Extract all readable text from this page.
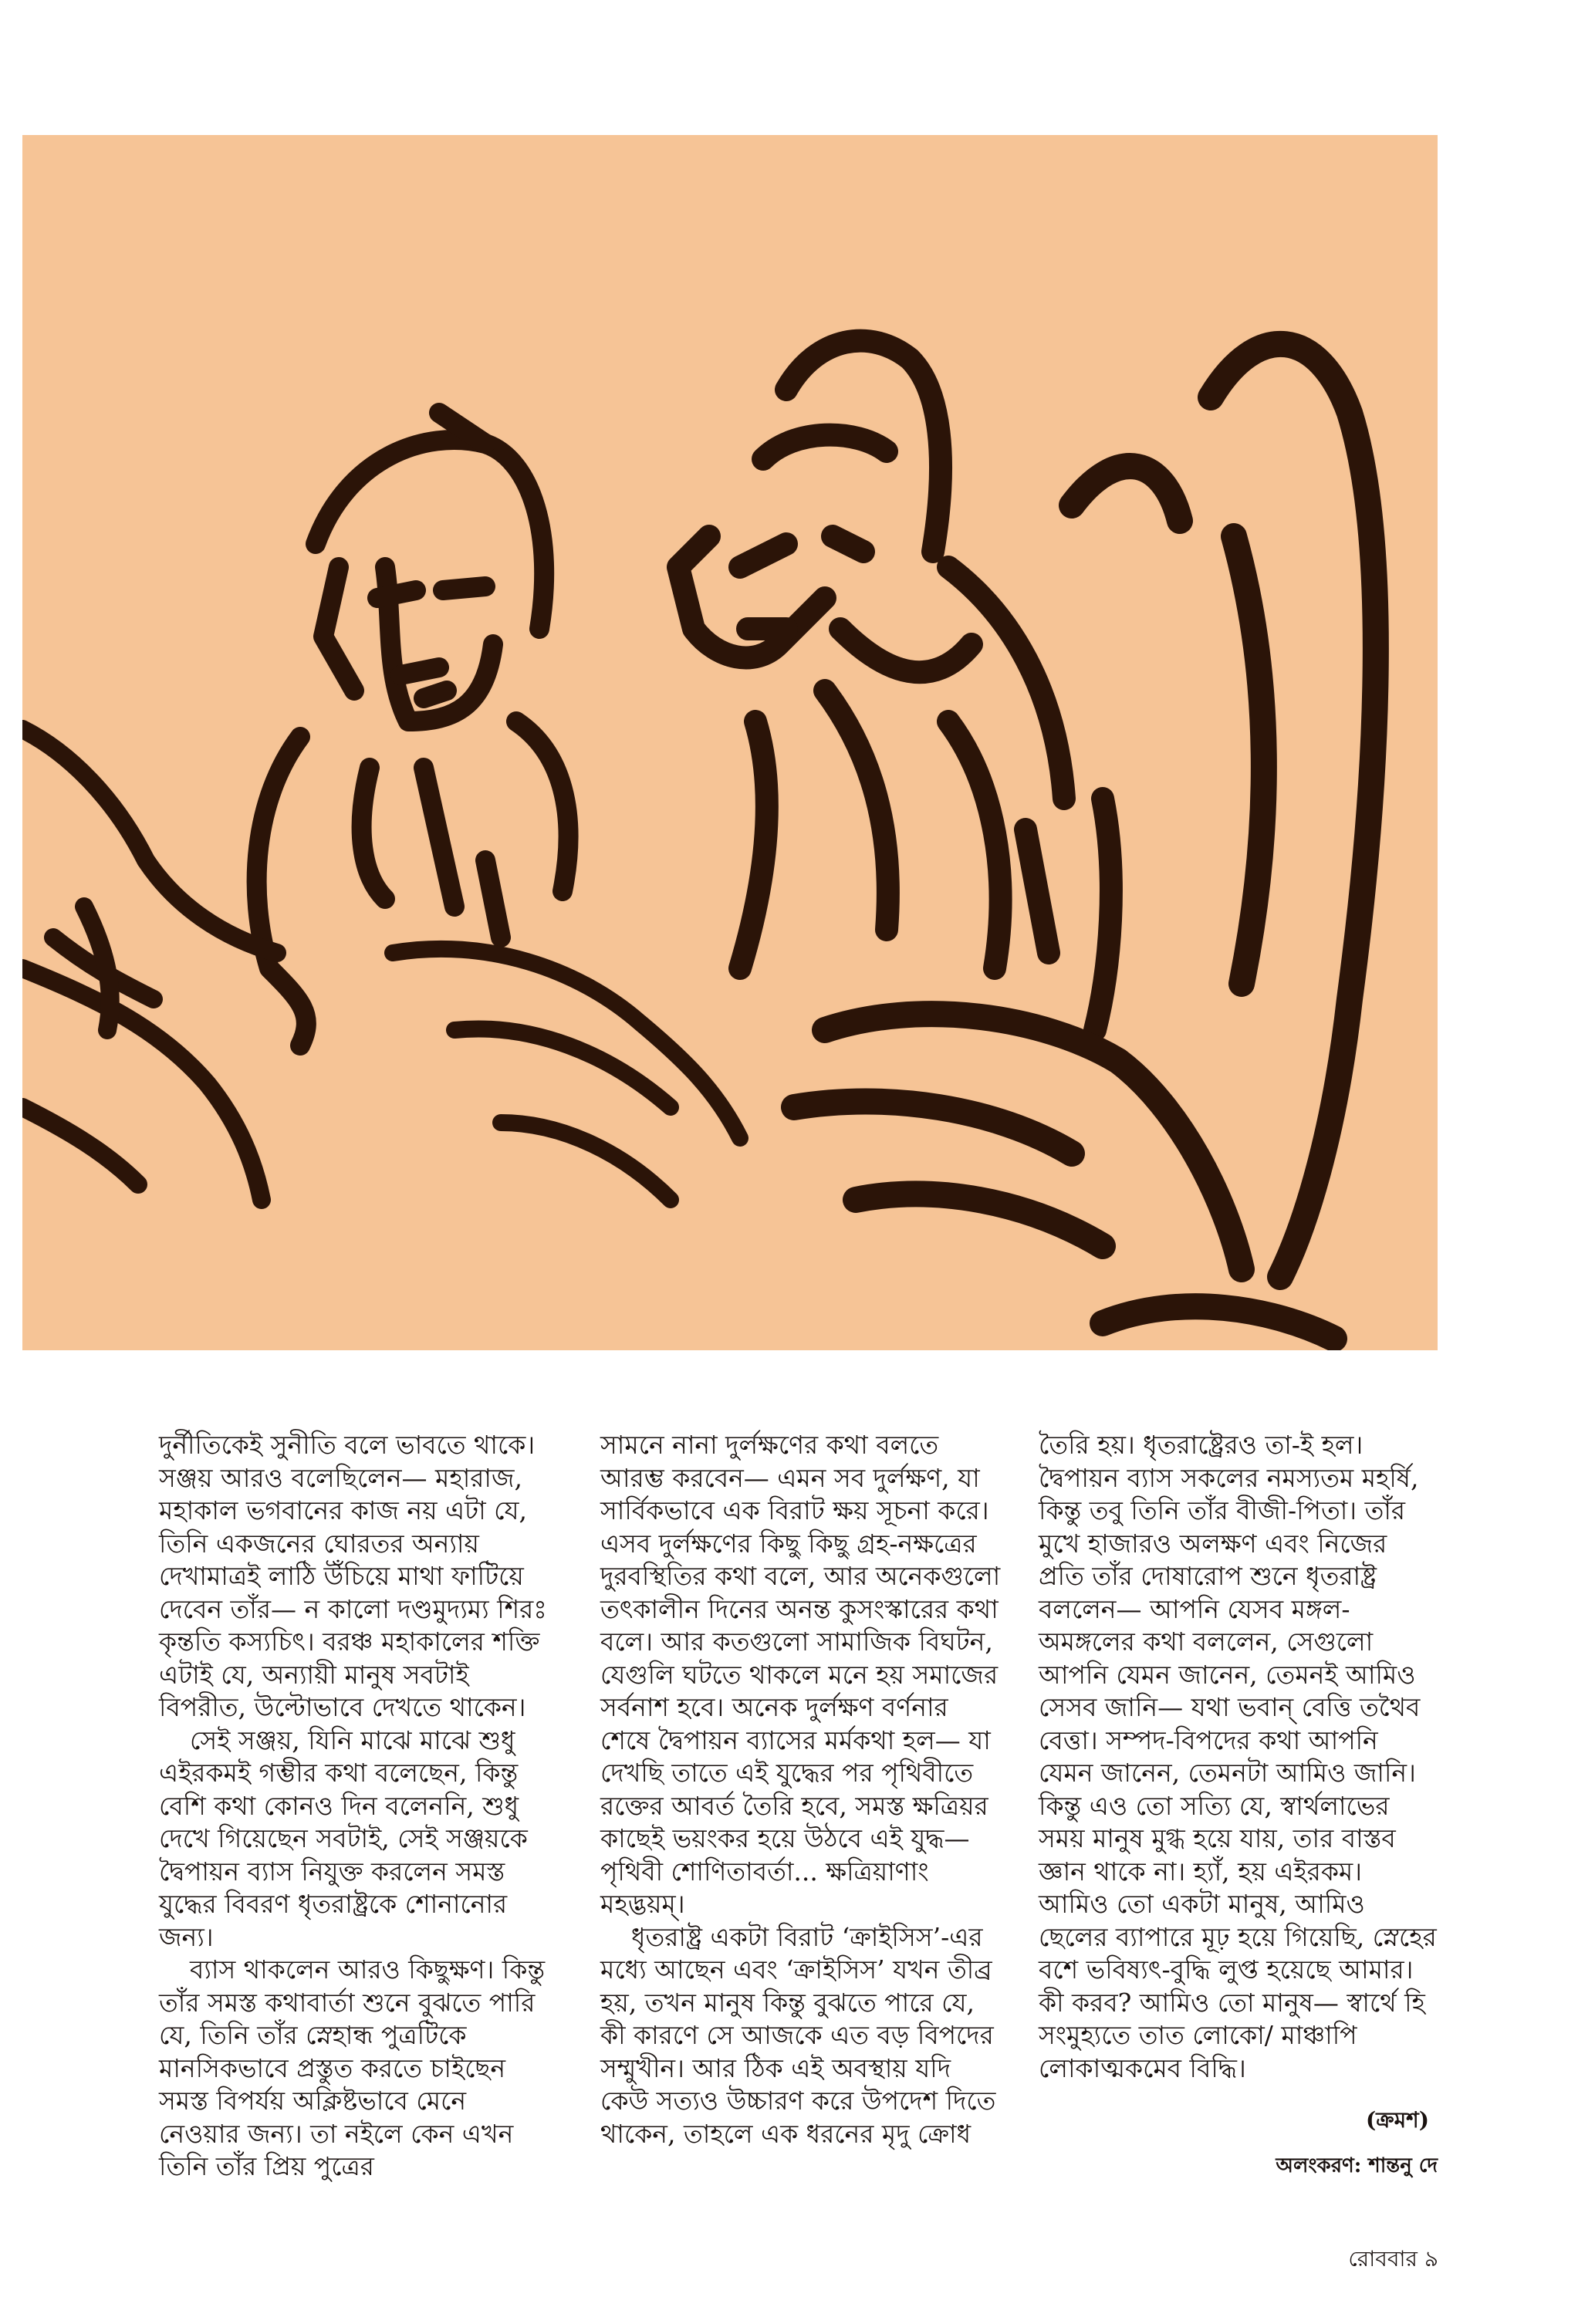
দুর্নীতিকেই সুনীতি বলে ভাবতে থাকে। সঞ্জয় আরও বলেছিলেন— মহারাজ, মহাকাল ভগবানের কাজ নয় এটা যে, তিনি একজনের ঘোরতর অন্যায় দেখামাত্রই লাঠি উঁচিয়ে মাথা ফাটিয়ে দেবেন তাঁর— ন কালো দণ্ডমুদ্যম্য শিরঃ কৃন্ততি কস্যচিৎ। বরঞ্চ মহাকালের শক্তি এটাই যে, অন্যায়ী মানুষ সবটাই বিপরীত, উল্টোভাবে দেখতে থাকেন।

সেই সঞ্জয়, যিনি মাঝে মাঝে শুধু এইরকমই গম্ভীর কথা বলেছেন, কিন্তু বেশি কথা কোনও দিন বলেননি, শুধু দেখে গিয়েছেন সবটাই, সেই সঞ্জয়কে দ্বৈপায়ন ব্যাস নিযুক্ত করলেন সমস্ত যুদ্ধের বিবরণ ধৃতরাষ্ট্রকে শোনানোর জন্য।

ব্যাস থাকলেন আরও কিছুক্ষণ। কিন্তু তাঁর সমস্ত কথাবার্তা শুনে বুঝতে পারি যে, তিনি তাঁর স্নেহান্ধ পুত্রটিকে মানসিকভাবে প্রস্তুত করতে চাইছেন সমস্ত বিপর্যয় অক্লিষ্টভাবে মেনে নেওয়ার জন্য। তা নইলে কেন এখন তিনি তাঁর প্রিয় পুত্রের

সামনে নানা দুর্লক্ষণের কথা বলতে আরম্ভ করবেন— এমন সব দুর্লক্ষণ, যা সার্বিকভাবে এক বিরাট ক্ষয় সূচনা করে। এসব দুর্লক্ষণের কিছু কিছু গ্রহ-নক্ষত্রের দুরবস্থিতির কথা বলে, আর অনেকগুলো তৎকালীন দিনের অনন্ত কুসংস্কারের কথা বলে। আর কতগুলো সামাজিক বিঘটন, যেগুলি ঘটতে থাকলে মনে হয় সমাজের সর্বনাশ হবে। অনেক দুর্লক্ষণ বর্ণনার শেষে দ্বৈপায়ন ব্যাসের মর্মকথা হল— যা দেখছি তাতে এই যুদ্ধের পর পৃথিবীতে রক্তের আবর্ত তৈরি হবে, সমস্ত ক্ষত্রিয়র কাছেই ভয়ংকর হয়ে উঠবে এই যুদ্ধ— পৃথিবী শোণিতাবর্তা... ক্ষত্রিয়াণাং মহদ্ভয়ম্।

ধৃতরাষ্ট্র একটা বিরাট ‘ক্রাইসিস’-এর মধ্যে আছেন এবং ‘ক্রাইসিস’ যখন তীব্র হয়, তখন মানুষ কিন্তু বুঝতে পারে যে, কী কারণে সে আজকে এত বড় বিপদের সম্মুখীন। আর ঠিক এই অবস্থায় যদি কেউ সত্যও উচ্চারণ করে উপদেশ দিতে থাকেন, তাহলে এক ধরনের মৃদু ক্রোধ

তৈরি হয়। ধৃতরাষ্ট্রেরও তা-ই হল। দ্বৈপায়ন ব্যাস সকলের নমস্যতম মহর্ষি, কিন্তু তবু তিনি তাঁর বীজী-পিতা। তাঁর মুখে হাজারও অলক্ষণ এবং নিজের প্রতি তাঁর দোষারোপ শুনে ধৃতরাষ্ট্র বললেন— আপনি যেসব মঙ্গল-অমঙ্গলের কথা বললেন, সেগুলো আপনি যেমন জানেন, তেমনই আমিও সেসব জানি— যথা ভবান্ বেত্তি তথৈব বেত্তা। সম্পদ-বিপদের কথা আপনি যেমন জানেন, তেমনটা আমিও জানি। কিন্তু এও তো সত্যি যে, স্বার্থলাভের সময় মানুষ মুগ্ধ হয়ে যায়, তার বাস্তব জ্ঞান থাকে না। হ্যাঁ, হয় এইরকম। আমিও তো একটা মানুষ, আমিও ছেলের ব্যাপারে মূঢ় হয়ে গিয়েছি, স্নেহের বশে ভবিষ্যৎ-বুদ্ধি লুপ্ত হয়েছে আমার। কী করব? আমিও তো মানুষ— স্বার্থে হি সংমুহ্যতে তাত লোকো/ মাঞ্চাপি লোকাত্মকমেব বিদ্ধি।

(ক্রমশ)
অলংকরণ: শান্তনু দে
রোববার ৯
